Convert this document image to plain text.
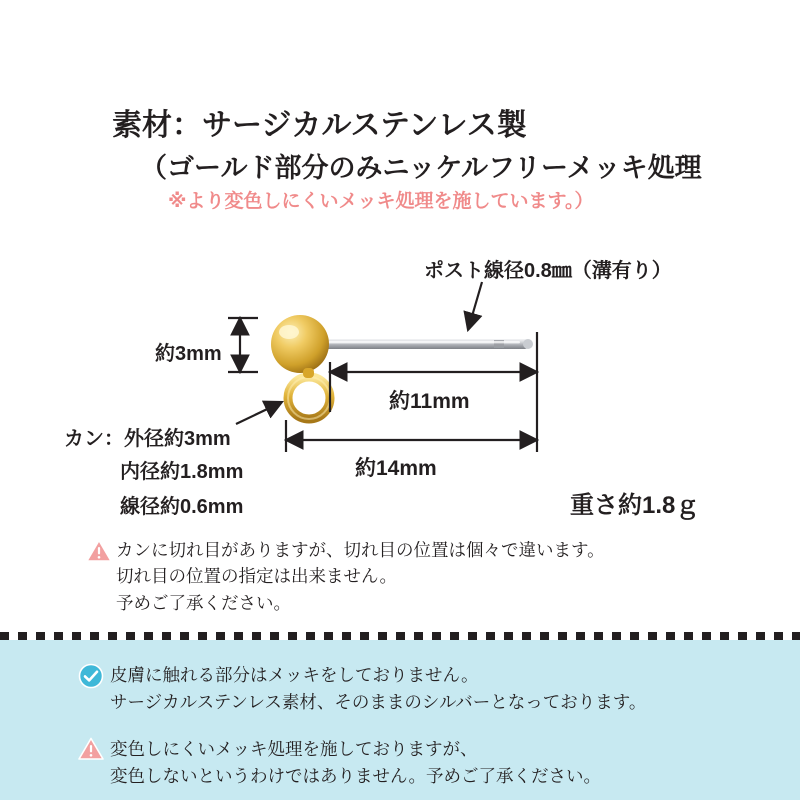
素材：サージカルステンレス製
（ゴールド部分のみニッケルフリーメッキ処理
※より変色しにくいメッキ処理を施しています。）
ポスト線径0.8㎜（溝有り）
約3mm
約11mm
約14mm
カン：外径約3mm
内径約1.8mm
線径約0.6mm	重さ約1.8ｇ
カンに切れ目がありますが、切れ目の位置は個々で違います。
切れ目の位置の指定は出来ません。
予めご了承ください。
皮膚に触れる部分はメッキをしておりません。
サージカルステンレス素材、そのままのシルバーとなっております。
変色しにくいメッキ処理を施しておりますが、
変色しないというわけではありません。予めご了承ください。
